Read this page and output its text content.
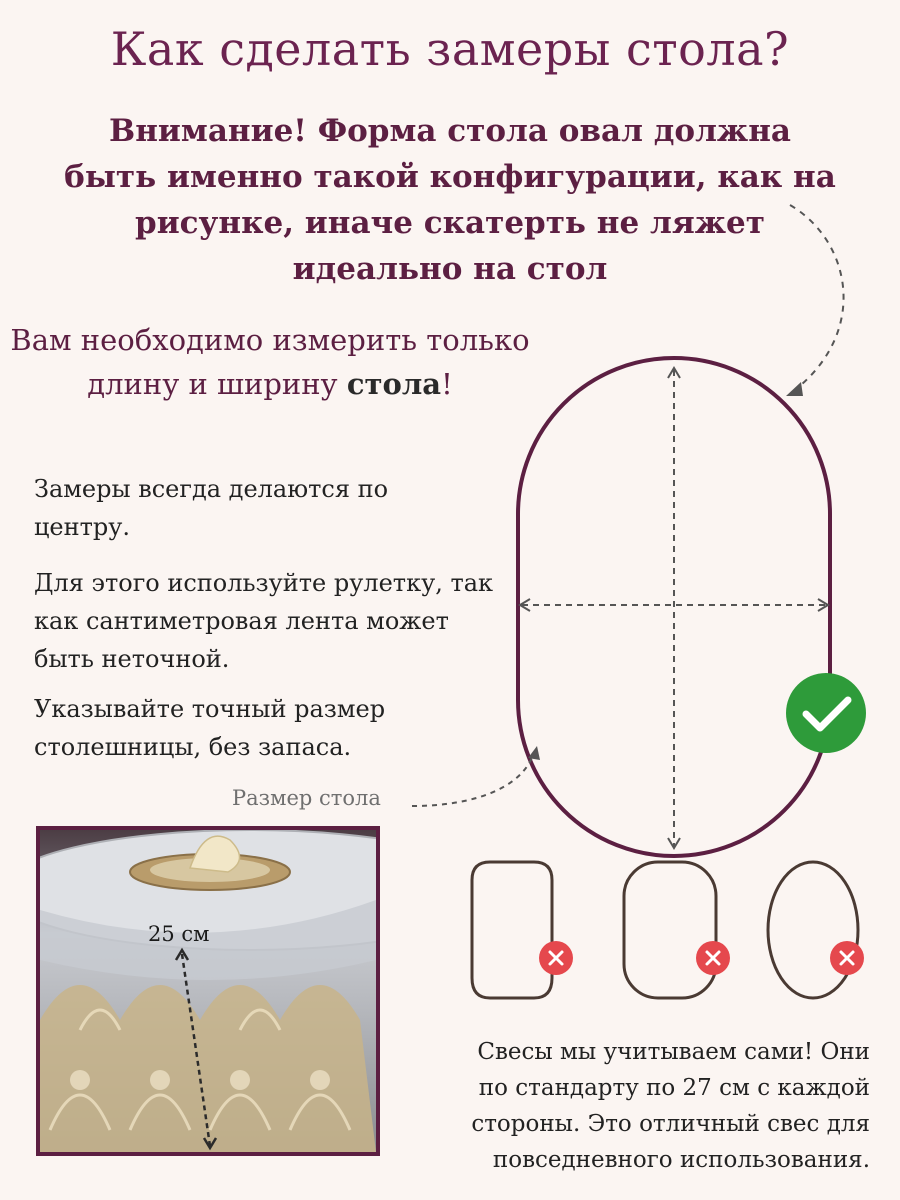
Как сделать замеры стола?
Внимание! Форма стола овал должна быть именно такой конфигурации, как на рисунке, иначе скатерть не ляжет идеально на стол
Вам необходимо измерить только длину и ширину стола!
Замеры всегда делаются по центру.
Для этого используйте рулетку, так как сантиметровая лента может быть неточной.
Указывайте точный размер столешницы, без запаса.
Размер стола
25 см
Свесы мы учитываем сами! Они по стандарту по 27 см с каждой стороны. Это отличный свес для повседневного использования.
